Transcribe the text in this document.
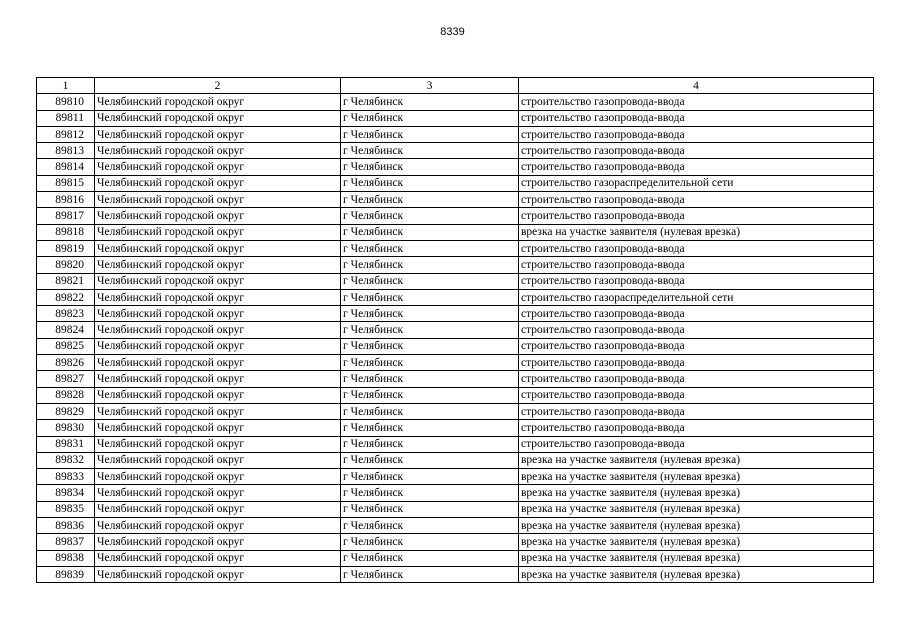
8339
1	2	3	4
89810	Челябинский городской округ	г Челябинск	строительство газопровода-ввода
89811	Челябинский городской округ	г Челябинск	строительство газопровода-ввода
89812	Челябинский городской округ	г Челябинск	строительство газопровода-ввода
89813	Челябинский городской округ	г Челябинск	строительство газопровода-ввода
89814	Челябинский городской округ	г Челябинск	строительство газопровода-ввода
89815	Челябинский городской округ	г Челябинск	строительство газораспределительной сети
89816	Челябинский городской округ	г Челябинск	строительство газопровода-ввода
89817	Челябинский городской округ	г Челябинск	строительство газопровода-ввода
89818	Челябинский городской округ	г Челябинск	врезка на участке заявителя (нулевая врезка)
89819	Челябинский городской округ	г Челябинск	строительство газопровода-ввода
89820	Челябинский городской округ	г Челябинск	строительство газопровода-ввода
89821	Челябинский городской округ	г Челябинск	строительство газопровода-ввода
89822	Челябинский городской округ	г Челябинск	строительство газораспределительной сети
89823	Челябинский городской округ	г Челябинск	строительство газопровода-ввода
89824	Челябинский городской округ	г Челябинск	строительство газопровода-ввода
89825	Челябинский городской округ	г Челябинск	строительство газопровода-ввода
89826	Челябинский городской округ	г Челябинск	строительство газопровода-ввода
89827	Челябинский городской округ	г Челябинск	строительство газопровода-ввода
89828	Челябинский городской округ	г Челябинск	строительство газопровода-ввода
89829	Челябинский городской округ	г Челябинск	строительство газопровода-ввода
89830	Челябинский городской округ	г Челябинск	строительство газопровода-ввода
89831	Челябинский городской округ	г Челябинск	строительство газопровода-ввода
89832	Челябинский городской округ	г Челябинск	врезка на участке заявителя (нулевая врезка)
89833	Челябинский городской округ	г Челябинск	врезка на участке заявителя (нулевая врезка)
89834	Челябинский городской округ	г Челябинск	врезка на участке заявителя (нулевая врезка)
89835	Челябинский городской округ	г Челябинск	врезка на участке заявителя (нулевая врезка)
89836	Челябинский городской округ	г Челябинск	врезка на участке заявителя (нулевая врезка)
89837	Челябинский городской округ	г Челябинск	врезка на участке заявителя (нулевая врезка)
89838	Челябинский городской округ	г Челябинск	врезка на участке заявителя (нулевая врезка)
89839	Челябинский городской округ	г Челябинск	врезка на участке заявителя (нулевая врезка)
